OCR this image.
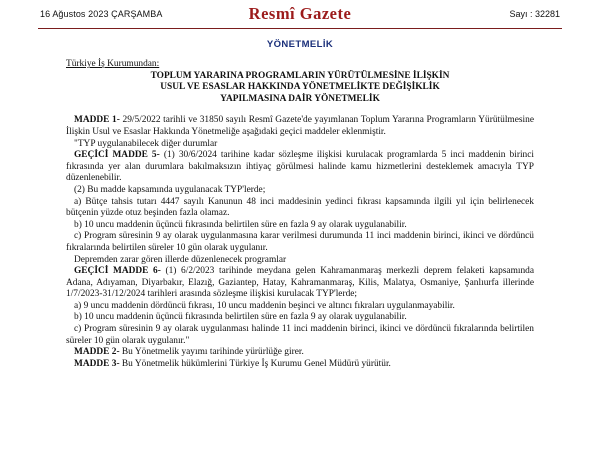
16 Ağustos 2023 ÇARŞAMBA	Resmî Gazete	Sayı : 32281
YÖNETMELİK

Türkiye İş Kurumundan:

TOPLUM YARARINA PROGRAMLARIN YÜRÜTÜLMESİNE İLİŞKİN
USUL VE ESASLAR HAKKINDA YÖNETMELİKTE DEĞİŞİKLİK
YAPILMASINA DAİR YÖNETMELİK

MADDE 1- 29/5/2022 tarihli ve 31850 sayılı Resmî Gazete'de yayımlanan Toplum Yararına Programların Yürütülmesine İlişkin Usul ve Esaslar Hakkında Yönetmeliğe aşağıdaki geçici maddeler eklenmiştir.

"TYP uygulanabilecek diğer durumlar

GEÇİCİ MADDE 5- (1) 30/6/2024 tarihine kadar sözleşme ilişkisi kurulacak programlarda 5 inci maddenin birinci fıkrasında yer alan durumlara bakılmaksızın ihtiyaç görülmesi halinde kamu hizmetlerini desteklemek amacıyla TYP düzenlenebilir.

(2) Bu madde kapsamında uygulanacak TYP'lerde;

a) Bütçe tahsis tutarı 4447 sayılı Kanunun 48 inci maddesinin yedinci fıkrası kapsamında ilgili yıl için belirlenecek bütçenin yüzde otuz beşinden fazla olamaz.

b) 10 uncu maddenin üçüncü fıkrasında belirtilen süre en fazla 9 ay olarak uygulanabilir.

c) Program süresinin 9 ay olarak uygulanmasına karar verilmesi durumunda 11 inci maddenin birinci, ikinci ve dördüncü fıkralarında belirtilen süreler 10 gün olarak uygulanır.

Depremden zarar gören illerde düzenlenecek programlar

GEÇİCİ MADDE 6- (1) 6/2/2023 tarihinde meydana gelen Kahramanmaraş merkezli deprem felaketi kapsamında Adana, Adıyaman, Diyarbakır, Elazığ, Gaziantep, Hatay, Kahramanmaraş, Kilis, Malatya, Osmaniye, Şanlıurfa illerinde 1/7/2023-31/12/2024 tarihleri arasında sözleşme ilişkisi kurulacak TYP'lerde;

a) 9 uncu maddenin dördüncü fıkrası, 10 uncu maddenin beşinci ve altıncı fıkraları uygulanmayabilir.

b) 10 uncu maddenin üçüncü fıkrasında belirtilen süre en fazla 9 ay olarak uygulanabilir.

c) Program süresinin 9 ay olarak uygulanması halinde 11 inci maddenin birinci, ikinci ve dördüncü fıkralarında belirtilen süreler 10 gün olarak uygulanır."

MADDE 2- Bu Yönetmelik yayımı tarihinde yürürlüğe girer.

MADDE 3- Bu Yönetmelik hükümlerini Türkiye İş Kurumu Genel Müdürü yürütür.
